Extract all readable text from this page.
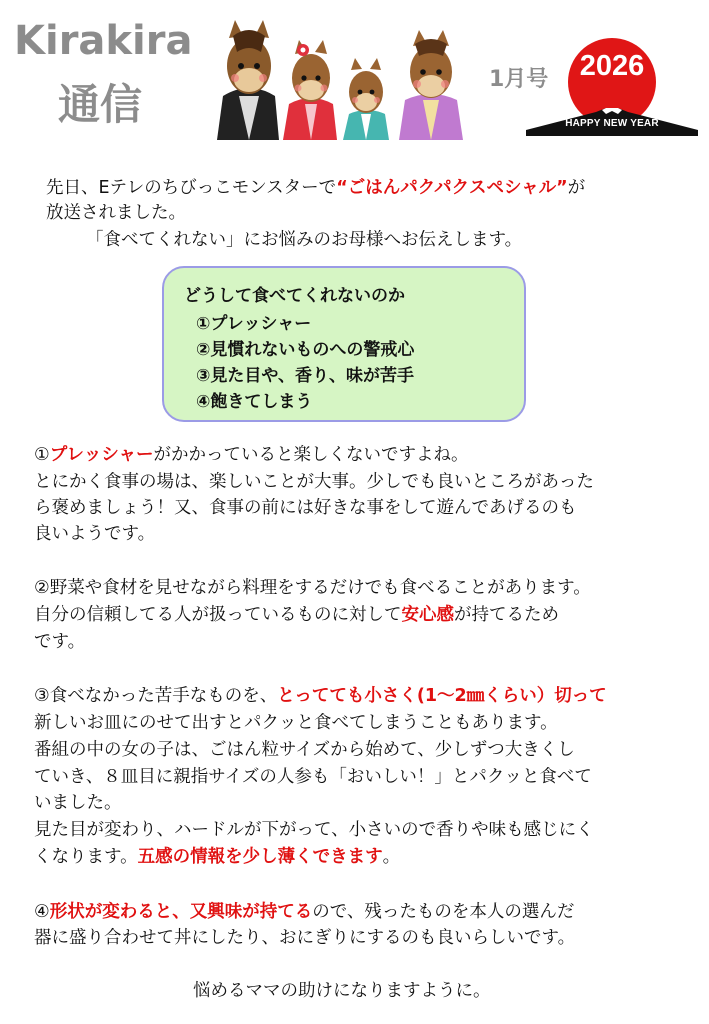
Kirakira
通信
1月号	2026
HAPPY NEW YEAR
先日、Eテレのちびっこモンスターで“ごはんパクパクスペシャル”が
放送されました。
「食べてくれない」にお悩みのお母様へお伝えします。
どうして食べてくれないのか
①プレッシャー
②見慣れないものへの警戒心
③見た目や、香り、味が苦手
④飽きてしまう
①プレッシャーがかかっていると楽しくないですよね。
とにかく食事の場は、楽しいことが大事。少しでも良いところがあった
ら褒めましょう！又、食事の前には好きな事をして遊んであげるのも
良いようです。
②野菜や食材を見せながら料理をするだけでも食べることがあります。
自分の信頼してる人が扱っているものに対して安心感が持てるため
です。
③食べなかった苦手なものを、とってても小さく(1〜2㎜くらい）切って
新しいお皿にのせて出すとパクッと食べてしまうこともあります。
番組の中の女の子は、ごはん粒サイズから始めて、少しずつ大きくし
ていき、８皿目に親指サイズの人参も「おいしい！」とパクッと食べて
いました。
見た目が変わり、ハードルが下がって、小さいので香りや味も感じにく
くなります。五感の情報を少し薄くできます。
④形状が変わると、又興味が持てるので、残ったものを本人の選んだ
器に盛り合わせて丼にしたり、おにぎりにするのも良いらしいです。
悩めるママの助けになりますように。
